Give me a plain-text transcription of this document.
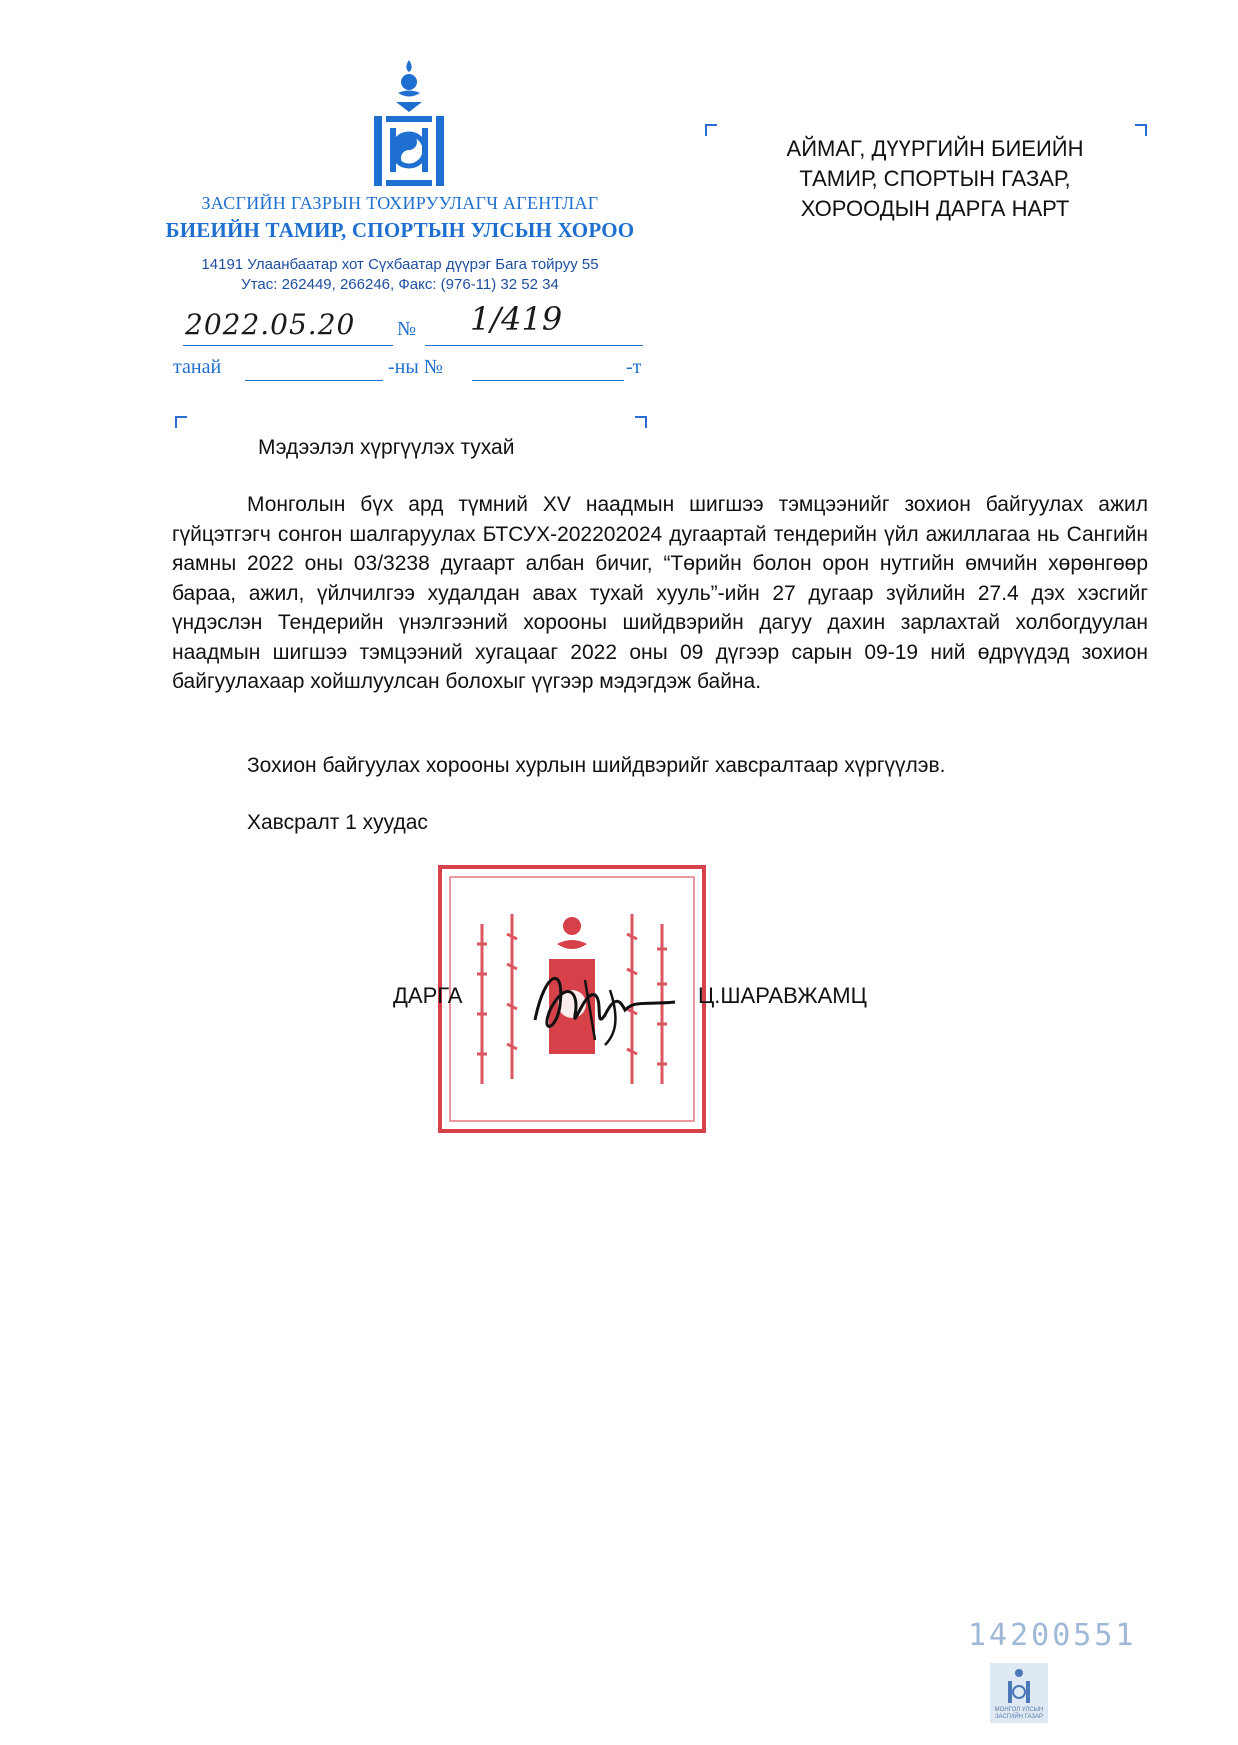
ЗАСГИЙН ГАЗРЫН ТОХИРУУЛАГЧ АГЕНТЛАГ
БИЕИЙН ТАМИР, СПОРТЫН УЛСЫН ХОРОО
14191 Улаанбаатар хот Сүхбаатар дүүрэг Бага тойруу 55
Утас: 262449, 266246, Факс: (976-11) 32 52 34
2022.05.20 № 1/419
танай	-ны №	-т
АЙМАГ, ДҮҮРГИЙН БИЕИЙН
ТАМИР, СПОРТЫН ГАЗАР,
ХОРООДЫН ДАРГА НАРТ
Мэдээлэл хүргүүлэх тухай

Монголын бүх ард түмний XV наадмын шигшээ тэмцээнийг зохион байгуулах ажил гүйцэтгэгч сонгон шалгаруулах БТСУХ-202202024 дугаартай тендерийн үйл ажиллагаа нь Сангийн яамны 2022 оны 03/3238 дугаарт албан бичиг, “Төрийн болон орон нутгийн өмчийн хөрөнгөөр бараа, ажил, үйлчилгээ худалдан авах тухай хууль”-ийн 27 дугаар зүйлийн 27.4 дэх хэсгийг үндэслэн Тендерийн үнэлгээний хорооны шийдвэрийн дагуу дахин зарлахтай холбогдуулан наадмын шигшээ тэмцээний хугацааг 2022 оны 09 дүгээр сарын 09-19 ний өдрүүдэд зохион байгуулахаар хойшлуулсан болохыг үүгээр мэдэгдэж байна.

Зохион байгуулах хорооны хурлын шийдвэрийг хавсралтаар хүргүүлэв.
Хавсралт 1 хуудас
ДАРГА	Ц.ШАРАВЖАМЦ
14200551
МОНГОЛ УЛСЫН
ЗАСГИЙН ГАЗАР
